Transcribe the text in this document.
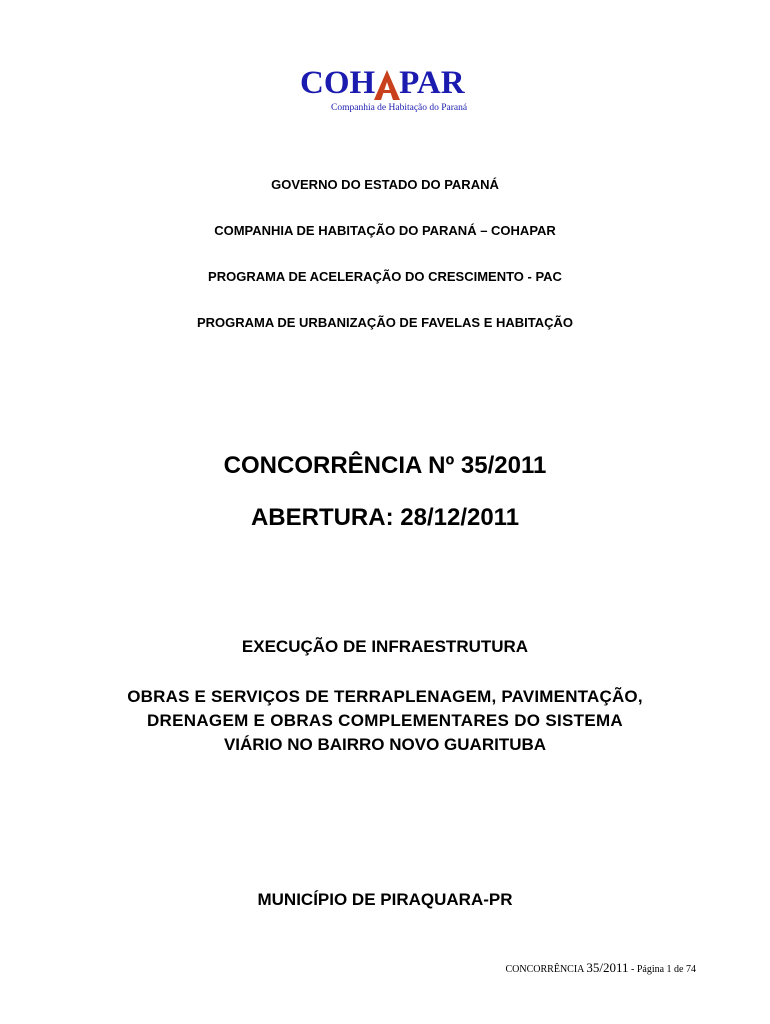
COH PAR
Companhia de Habitação do Paraná
GOVERNO DO ESTADO DO PARANÁ
COMPANHIA DE HABITAÇÃO DO PARANÁ – COHAPAR
PROGRAMA DE ACELERAÇÃO DO CRESCIMENTO - PAC
PROGRAMA DE URBANIZAÇÃO DE FAVELAS E HABITAÇÃO
CONCORRÊNCIA Nº 35/2011
ABERTURA: 28/12/2011
EXECUÇÃO DE INFRAESTRUTURA
OBRAS E SERVIÇOS DE TERRAPLENAGEM, PAVIMENTAÇÃO,
DRENAGEM E OBRAS COMPLEMENTARES DO SISTEMA
VIÁRIO NO BAIRRO NOVO GUARITUBA
MUNICÍPIO DE PIRAQUARA-PR
CONCORRÊNCIA 35/2011 - Página 1 de 74
